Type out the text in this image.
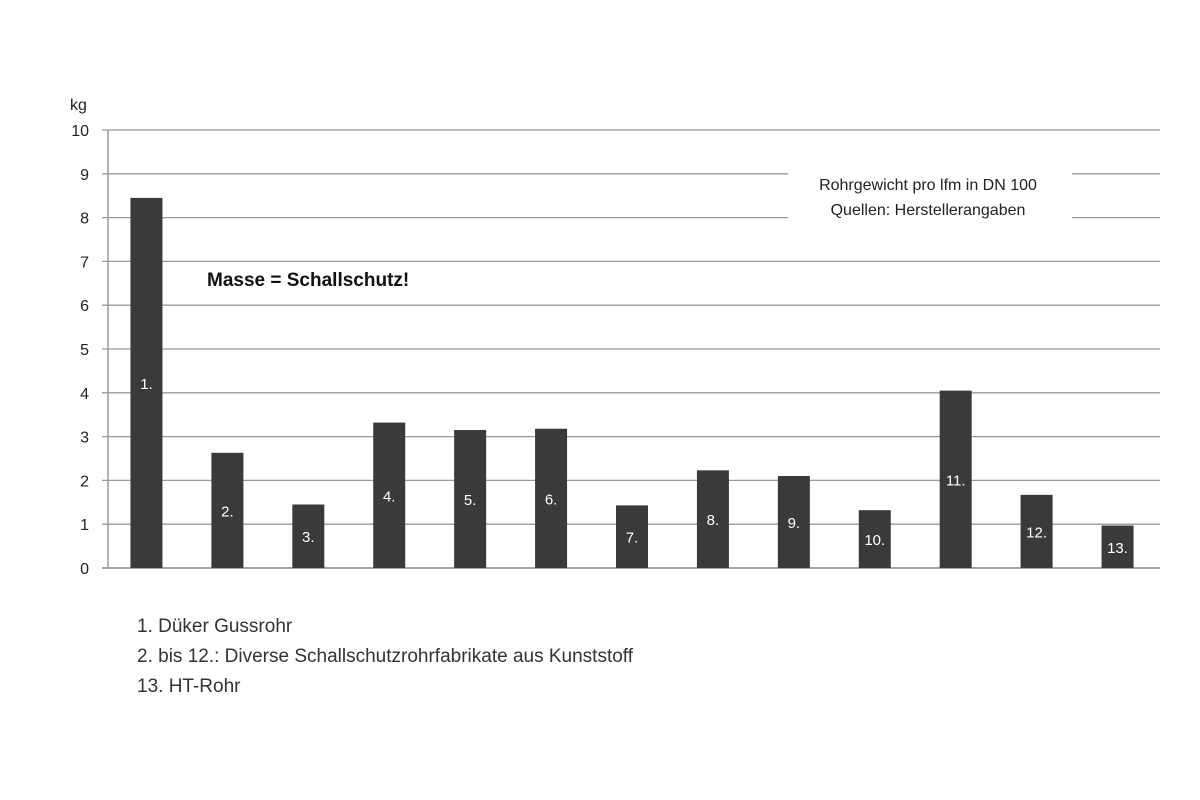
0
1
2
3
4
5
6
7
8
9
10
kg
1.
2.
3.
4.	5.	6.
7.
8.	9.
10.
11.
12.
13.
Rohrgewicht pro lfm in DN 100
Quellen: Herstellerangaben
Masse = Schallschutz!
1. Düker Gussrohr
2. bis 12.: Diverse Schallschutzrohrfabrikate aus Kunststoff
13. HT-Rohr
